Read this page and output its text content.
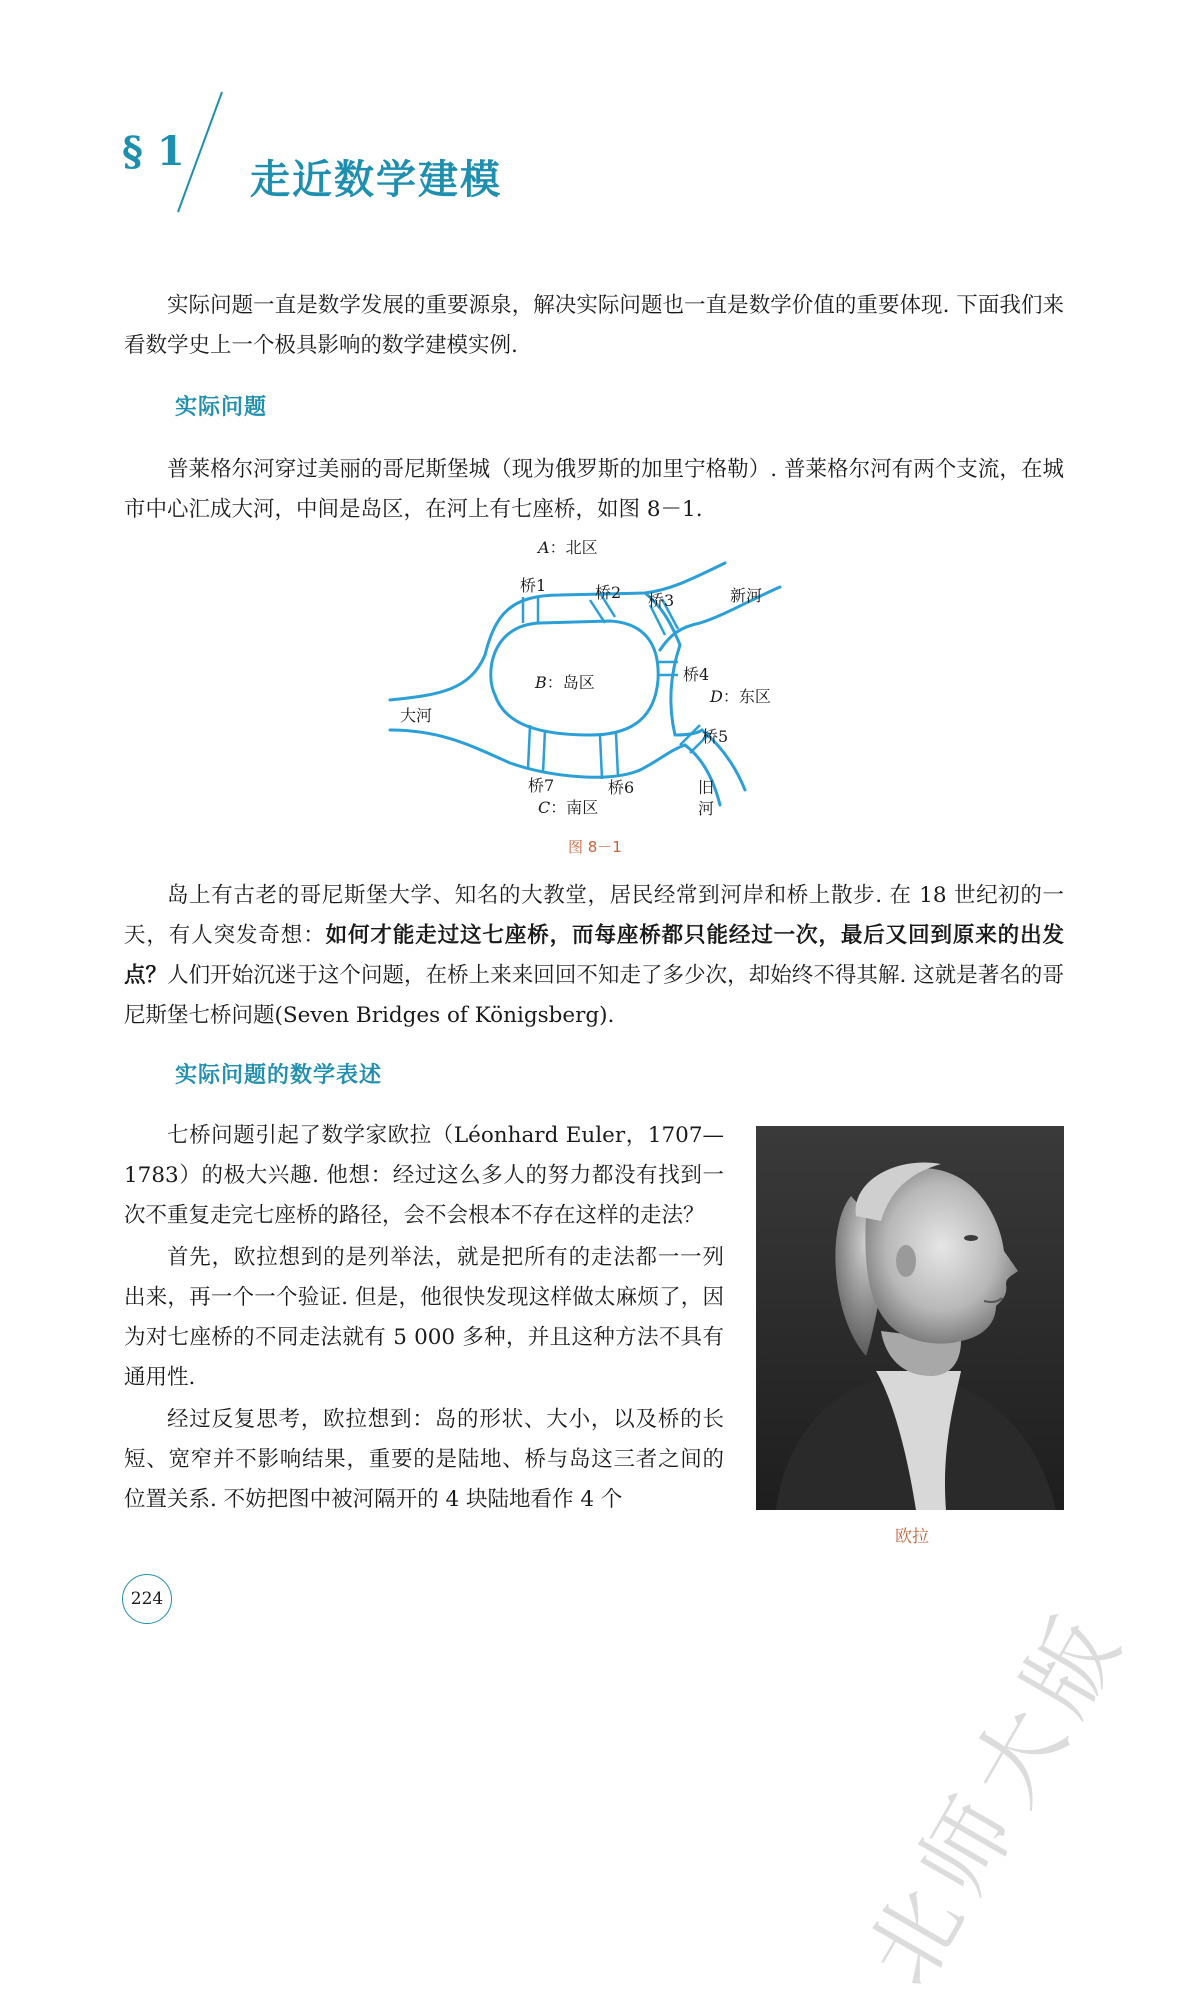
§ 1
走近数学建模

实际问题一直是数学发展的重要源泉，解决实际问题也一直是数学价值的重要体现. 下面我们来看数学史上一个极具影响的数学建模实例.

实际问题

普莱格尔河穿过美丽的哥尼斯堡城（现为俄罗斯的加里宁格勒）. 普莱格尔河有两个支流，在城市中心汇成大河，中间是岛区，在河上有七座桥，如图 8－1.

A：北区
桥1	桥2 桥3	新河
B：岛区	桥4
D：东区
大河
桥5
桥7	桥6	旧
河
C：南区
图 8－1

岛上有古老的哥尼斯堡大学、知名的大教堂，居民经常到河岸和桥上散步. 在 18 世纪初的一天，有人突发奇想：如何才能走过这七座桥，而每座桥都只能经过一次，最后又回到原来的出发点？人们开始沉迷于这个问题，在桥上来来回回不知走了多少次，却始终不得其解. 这就是著名的哥尼斯堡七桥问题(Seven Bridges of Königsberg).

实际问题的数学表述

七桥问题引起了数学家欧拉（Léonhard Euler，1707—1783）的极大兴趣. 他想：经过这么多人的努力都没有找到一次不重复走完七座桥的路径，会不会根本不存在这样的走法？

首先，欧拉想到的是列举法，就是把所有的走法都一一列出来，再一个一个验证. 但是，他很快发现这样做太麻烦了，因为对七座桥的不同走法就有 5 000 多种，并且这种方法不具有通用性.

经过反复思考，欧拉想到：岛的形状、大小，以及桥的长短、宽窄并不影响结果，重要的是陆地、桥与岛这三者之间的位置关系. 不妨把图中被河隔开的 4 块陆地看作 4 个

欧拉
224	北师大版
